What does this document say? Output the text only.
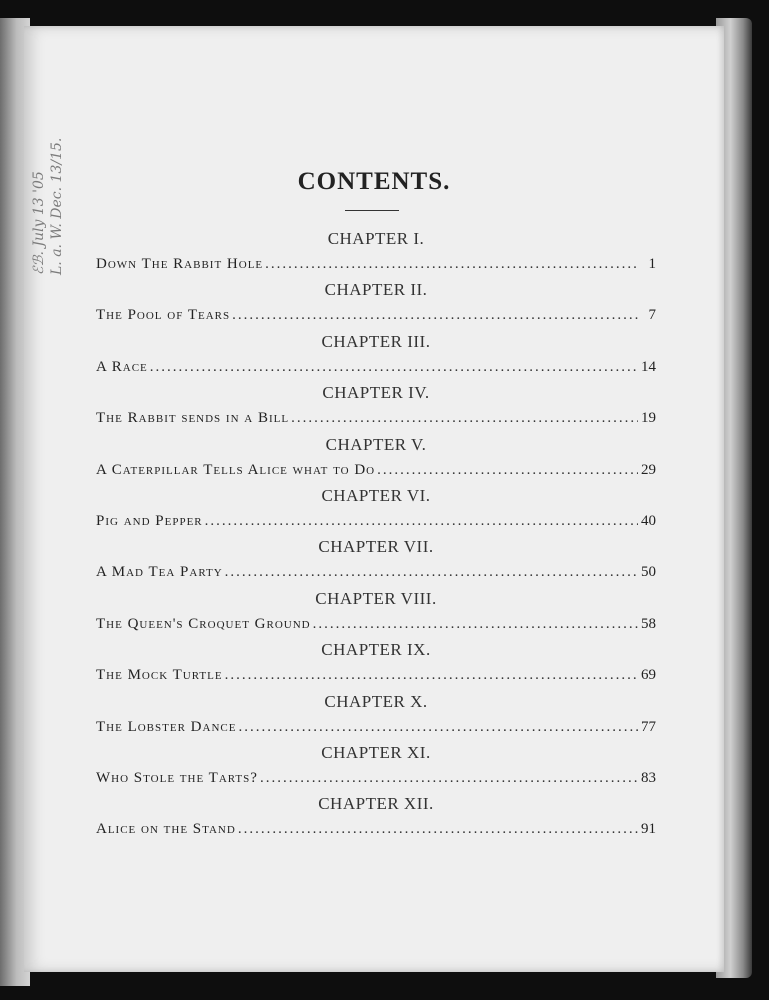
ℰℬ. July 13 '05 L. a. W. Dec. 13/15.	CONTENTS.
CHAPTER I.
Down The Rabbit Hole .....	1
CHAPTER II.
The Pool of Tears .....	7
CHAPTER III.
A Race .....	14
CHAPTER IV.
The Rabbit sends in a Bill .....	19
CHAPTER V.
A Caterpillar Tells Alice what to Do .....	29
CHAPTER VI.
Pig and Pepper .....	40
CHAPTER VII.
A Mad Tea Party .....	50
CHAPTER VIII.
The Queen's Croquet Ground .....	58
CHAPTER IX.
The Mock Turtle .....	69
CHAPTER X.
The Lobster Dance .....	77
CHAPTER XI.
Who Stole the Tarts? .....	83
CHAPTER XII.
Alice on the Stand .....	91
